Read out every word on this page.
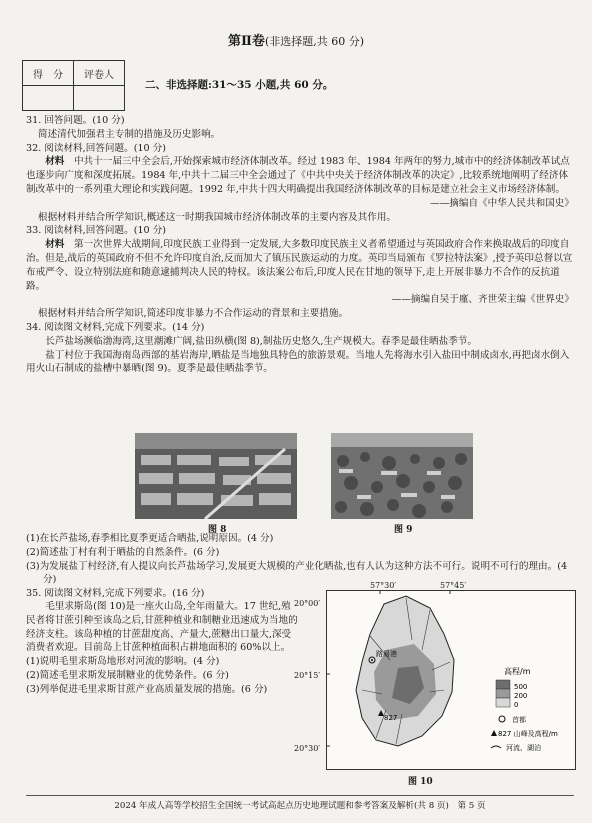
第Ⅱ卷(非选择题,共 60 分)
得　分	评卷人

二、非选择题:31～35 小题,共 60 分。

31. 回答问题。(10 分)

简述清代加强君主专制的措施及历史影响。

32. 阅读材料,回答问题。(10 分)

材料　 中共十一届三中全会后,开始探索城市经济体制改革。经过 1983 年、1984 年两年的努力,城市中的经济体制改革试点也逐步向广度和深度拓展。1984 年,中共十二届三中全会通过了《中共中央关于经济体制改革的决定》,比较系统地阐明了经济体制改革中的一系列重大理论和实践问题。1992 年,中共十四大明确提出我国经济体制改革的目标是建立社会主义市场经济体制。

——摘编自《中华人民共和国史》

根据材料并结合所学知识,概述这一时期我国城市经济体制改革的主要内容及其作用。

33. 阅读材料,回答问题。(10 分)

材料　 第一次世界大战期间,印度民族工业得到一定发展,大多数印度民族主义者希望通过与英国政府合作来换取战后的印度自治。但是,战后的英国政府不但不允许印度自治,反而加大了镇压民族运动的力度。英印当局颁布《罗拉特法案》,授予英印总督以宣布戒严令、设立特别法庭和随意逮捕判决人民的特权。该法案公布后,印度人民在甘地的领导下,走上开展非暴力不合作的反抗道路。

——摘编自吴于廑、齐世荣主编《世界史》

根据材料并结合所学知识,简述印度非暴力不合作运动的背景和主要措施。

34. 阅读图文材料,完成下列要求。(14 分)

长芦盐场濒临渤海湾,这里潮滩广阔,盐田纵横(图 8),制盐历史悠久,生产规模大。春季是最佳晒盐季节。

盐丁村位于我国海南岛西部的基岩海岸,晒盐是当地独具特色的旅游景观。当地人先将海水引入盐田中制成卤水,再把卤水倒入用火山石制成的盐槽中暴晒(图 9)。夏季是最佳晒盐季节。

图 8	图 9

(1)在长芦盐场,春季相比夏季更适合晒盐,说明原因。(4 分)

(2)简述盐丁村有利于晒盐的自然条件。(6 分)

(3)为发展盐丁村经济,有人提议向长芦盐场学习,发展更大规模的产业化晒盐,也有人认为这种方法不可行。说明不可行的理由。(4 分)

35. 阅读图文材料,完成下列要求。(16 分)

毛里求斯岛(图 10)是一座火山岛,全年雨量大。17 世纪,殖民者将甘蔗引种至该岛之后,甘蔗种植业和制糖业迅速成为当地的经济支柱。该岛种植的甘蔗甜度高、产量大,蔗糖出口量大,深受消费者欢迎。目前岛上甘蔗种植面积占耕地面积的 60%以上。

(1)说明毛里求斯岛地形对河流的影响。(4 分)

(2)简述毛里求斯发展制糖业的优势条件。(6 分)

(3)列举促进毛里求斯甘蔗产业高质量发展的措施。(6 分)

57°30′	57°45′
20°00′
20°15′
20°30′
路易港
827
高程/m
500
200
0
首都
827 山峰及高程/m
河流、湖泊
图 10
2024 年成人高等学校招生全国统一考试高起点历史地理试题和参考答案及解析(共 8 页)　第 5 页
